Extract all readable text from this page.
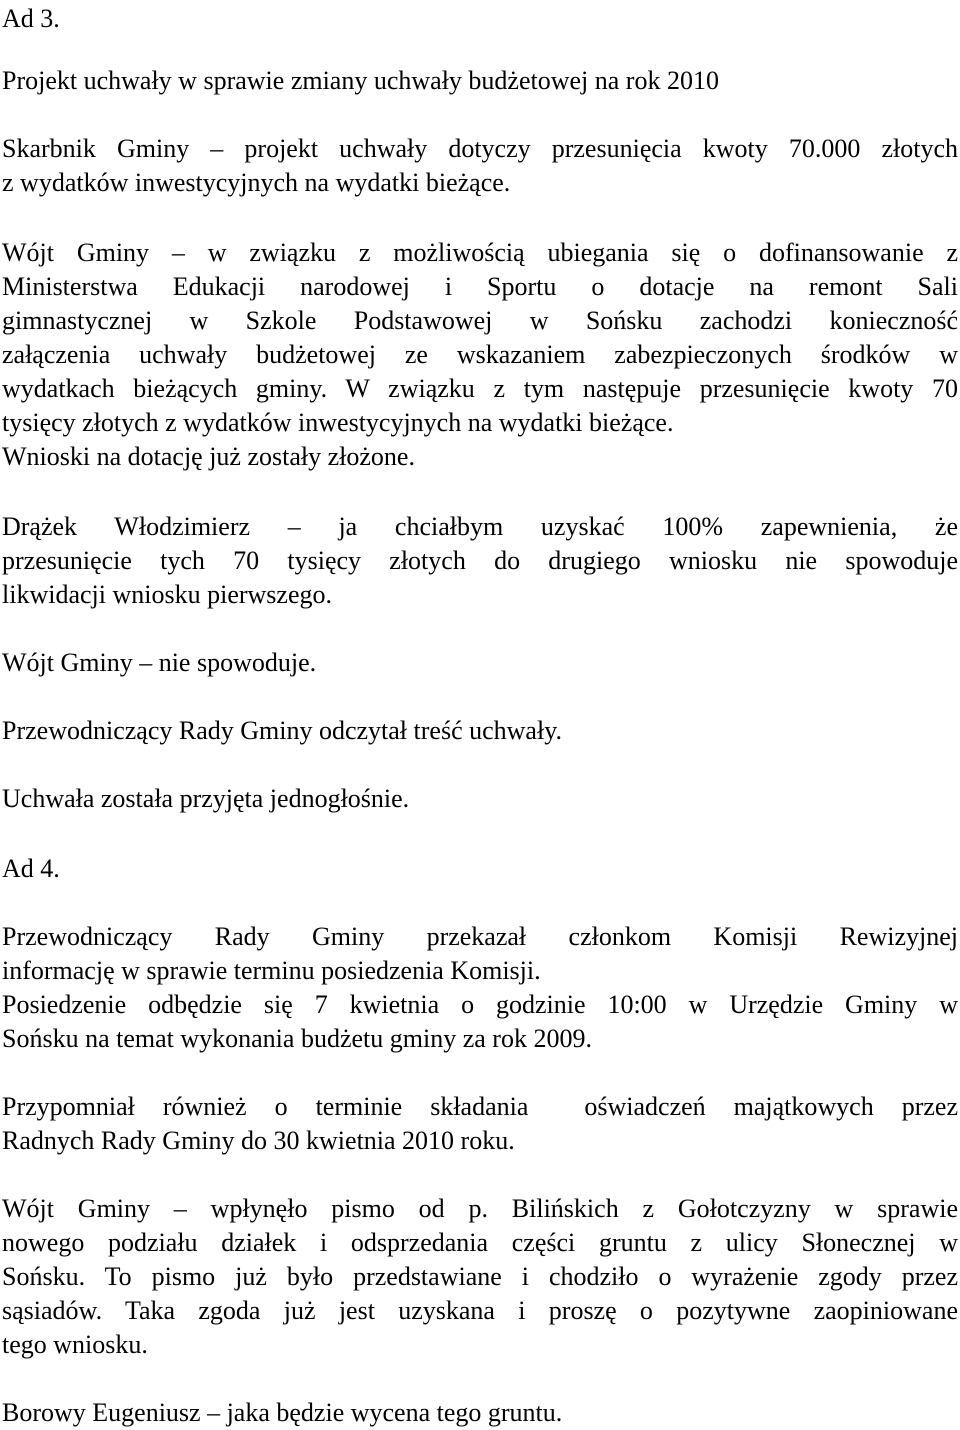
Ad 3.

Projekt uchwały w sprawie zmiany uchwały budżetowej na rok 2010

Skarbnik Gminy – projekt uchwały dotyczy przesunięcia kwoty 70.000 złotych
z wydatków inwestycyjnych na wydatki bieżące.
Wójt Gminy – w związku z możliwością ubiegania się o dofinansowanie z
Ministerstwa Edukacji narodowej i Sportu o dotacje na remont Sali
gimnastycznej w Szkole Podstawowej w Sońsku zachodzi konieczność
załączenia uchwały budżetowej ze wskazaniem zabezpieczonych środków w
wydatkach bieżących gminy. W związku z tym następuje przesunięcie kwoty 70
tysięcy złotych z wydatków inwestycyjnych na wydatki bieżące.
Wnioski na dotację już zostały złożone.
Drążek Włodzimierz – ja chciałbym uzyskać 100% zapewnienia, że
przesunięcie tych 70 tysięcy złotych do drugiego wniosku nie spowoduje
likwidacji wniosku pierwszego.

Wójt Gminy – nie spowoduje.

Przewodniczący Rady Gminy odczytał treść uchwały.

Uchwała została przyjęta jednogłośnie.

Ad 4.

Przewodniczący Rady Gminy przekazał członkom Komisji Rewizyjnej
informację w sprawie terminu posiedzenia Komisji.
Posiedzenie odbędzie się 7 kwietnia o godzinie 10:00 w Urzędzie Gminy w
Sońsku na temat wykonania budżetu gminy za rok 2009.
Przypomniał również o terminie składania  oświadczeń majątkowych przez
Radnych Rady Gminy do 30 kwietnia 2010 roku.
Wójt Gminy – wpłynęło pismo od p. Bilińskich z Gołotczyzny w sprawie
nowego podziału działek i odsprzedania części gruntu z ulicy Słonecznej w
Sońsku. To pismo już było przedstawiane i chodziło o wyrażenie zgody przez
sąsiadów. Taka zgoda już jest uzyskana i proszę o pozytywne zaopiniowane
tego wniosku.

Borowy Eugeniusz – jaka będzie wycena tego gruntu.
